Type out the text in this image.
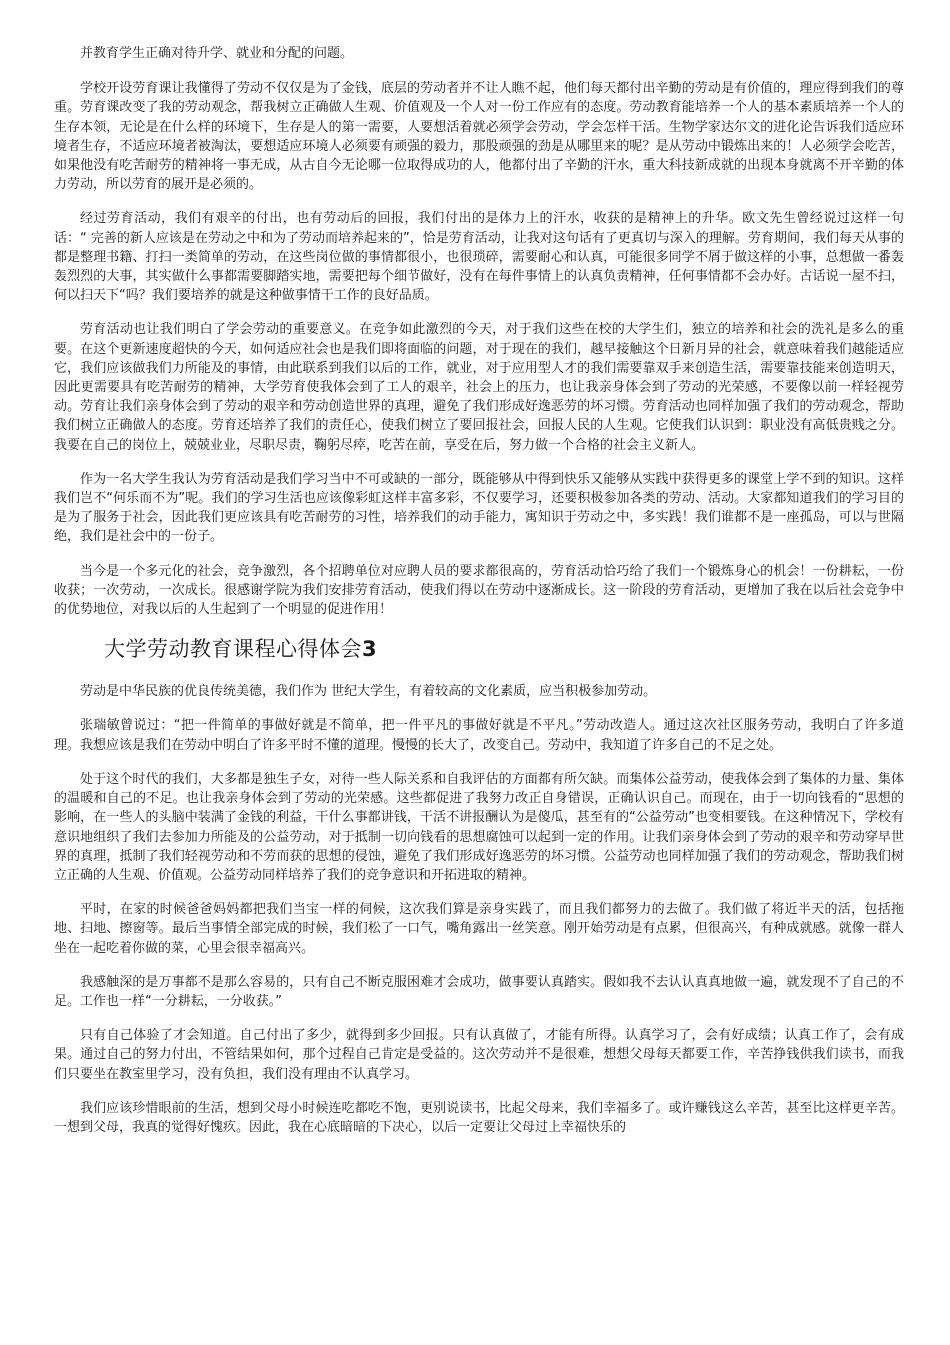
并教育学生正确对待升学、就业和分配的问题。

学校开设劳育课让我懂得了劳动不仅仅是为了金钱，底层的劳动者并不让人瞧不起，他们每天都付出辛勤的劳动是有价值的，理应得到我们的尊重。劳育课改变了我的劳动观念，帮我树立正确做人生观、价值观及一个人对一份工作应有的态度。劳动教育能培养一个人的基本素质培养一个人的生存本领，无论是在什么样的环境下，生存是人的第一需要，人要想活着就必须学会劳动，学会怎样干活。生物学家达尔文的进化论告诉我们适应环境者生存，不适应环境者被淘汰，要想适应环境人必须要有顽强的毅力，那股顽强的劲是从哪里来的呢？是从劳动中锻炼出来的！人必须学会吃苦，如果他没有吃苦耐劳的精神将一事无成，从古自今无论哪一位取得成功的人，他都付出了辛勤的汗水，重大科技新成就的出现本身就离不开辛勤的体力劳动，所以劳育的展开是必须的。

经过劳育活动，我们有艰辛的付出，也有劳动后的回报，我们付出的是体力上的汗水，收获的是精神上的升华。欧文先生曾经说过这样一句话：“ 完善的新人应该是在劳动之中和为了劳动而培养起来的”，恰是劳育活动，让我对这句话有了更真切与深入的理解。劳育期间，我们每天从事的都是整理书籍、打扫一类简单的劳动，在这些岗位做的事情都很小，也很琐碎，需要耐心和认真，可能很多同学不屑于做这样的小事，总想做一番轰轰烈烈的大事，其实做什么事都需要脚踏实地，需要把每个细节做好，没有在每件事情上的认真负责精神，任何事情都不会办好。古话说一屋不扫，何以扫天下“吗？我们要培养的就是这种做事情干工作的良好品质。

劳育活动也让我们明白了学会劳动的重要意义。在竞争如此激烈的今天，对于我们这些在校的大学生们，独立的培养和社会的洗礼是多么的重要。在这个更新速度超快的今天，如何适应社会也是我们即将面临的问题，对于现在的我们，越早接触这个日新月异的社会，就意味着我们越能适应它，我们应该做我们力所能及的事情，由此联系到我们以后的工作，就业，对于应用型人才的我们需要靠双手来创造生活，需要靠技能来创造明天，因此更需要具有吃苦耐劳的精神，大学劳育使我体会到了工人的艰辛，社会上的压力，也让我亲身体会到了劳动的光荣感，不要像以前一样轻视劳动。劳育让我们亲身体会到了劳动的艰辛和劳动创造世界的真理，避免了我们形成好逸恶劳的坏习惯。劳育活动也同样加强了我们的劳动观念，帮助我们树立正确做人的态度。劳育还培养了我们的责任心，使我们树立了要回报社会，回报人民的人生观。它使我们认识到：职业没有高低贵贱之分。我要在自己的岗位上，兢兢业业，尽职尽责，鞠躬尽瘁，吃苦在前，享受在后，努力做一个合格的社会主义新人。

作为一名大学生我认为劳育活动是我们学习当中不可或缺的一部分，既能够从中得到快乐又能够从实践中获得更多的课堂上学不到的知识。这样我们岂不“何乐而不为”呢。我们的学习生活也应该像彩虹这样丰富多彩，不仅要学习，还要积极参加各类的劳动、活动。大家都知道我们的学习目的是为了服务于社会，因此我们更应该具有吃苦耐劳的习性，培养我们的动手能力，寓知识于劳动之中，多实践！我们谁都不是一座孤岛，可以与世隔绝，我们是社会中的一份子。

当今是一个多元化的社会，竞争激烈，各个招聘单位对应聘人员的要求都很高的，劳育活动恰巧给了我们一个锻炼身心的机会！一份耕耘，一份收获；一次劳动，一次成长。很感谢学院为我们安排劳育活动，使我们得以在劳动中逐渐成长。这一阶段的劳育活动，更增加了我在以后社会竞争中的优势地位，对我以后的人生起到了一个明显的促进作用！

大学劳动教育课程心得体会3

劳动是中华民族的优良传统美德，我们作为 世纪大学生，有着较高的文化素质，应当积极参加劳动。

张瑞敏曾说过：“把一件简单的事做好就是不简单，把一件平凡的事做好就是不平凡。”劳动改造人。通过这次社区服务劳动，我明白了许多道理。我想应该是我们在劳动中明白了许多平时不懂的道理。慢慢的长大了，改变自己。劳动中，我知道了许多自己的不足之处。

处于这个时代的我们，大多都是独生子女，对待一些人际关系和自我评估的方面都有所欠缺。而集体公益劳动，使我体会到了集体的力量、集体的温暖和自己的不足。也让我亲身体会到了劳动的光荣感。这些都促进了我努力改正自身错误，正确认识自己。而现在，由于一切向钱看的“思想的影响，在一些人的头脑中装满了金钱的利益，干什么事都讲钱，干活不讲报酬认为是傻瓜，甚至有的“公益劳动”也变相要钱。在这种情况下，学校有意识地组织了我们去参加力所能及的公益劳动，对于抵制一切向钱看的思想腐蚀可以起到一定的作用。让我们亲身体会到了劳动的艰辛和劳动穿早世界的真理，抵制了我们轻视劳动和不劳而获的思想的侵蚀，避免了我们形成好逸恶劳的坏习惯。公益劳动也同样加强了我们的劳动观念，帮助我们树立正确的人生观、价值观。公益劳动同样培养了我们的竞争意识和开拓进取的精神。

平时，在家的时候爸爸妈妈都把我们当宝一样的伺候，这次我们算是亲身实践了，而且我们都努力的去做了。我们做了将近半天的活，包括拖地、扫地、擦窗等。最后当事情全部完成的时候，我们松了一口气，嘴角露出一丝笑意。刚开始劳动是有点累，但很高兴，有种成就感。就像一群人坐在一起吃着你做的菜，心里会很幸福高兴。

我感触深的是万事都不是那么容易的，只有自己不断克服困难才会成功，做事要认真踏实。假如我不去认认真真地做一遍，就发现不了自己的不足。工作也一样“一分耕耘，一分收获。”

只有自己体验了才会知道。自己付出了多少，就得到多少回报。只有认真做了，才能有所得。认真学习了，会有好成绩；认真工作了，会有成果。通过自己的努力付出，不管结果如何，那个过程自己肯定是受益的。这次劳动并不是很难，想想父母每天都要工作，辛苦挣钱供我们读书，而我们只要坐在教室里学习，没有负担，我们没有理由不认真学习。

我们应该珍惜眼前的生活，想到父母小时候连吃都吃不饱，更别说读书，比起父母来，我们幸福多了。或许赚钱这么辛苦，甚至比这样更辛苦。一想到父母，我真的觉得好愧疚。因此，我在心底暗暗的下决心，以后一定要让父母过上幸福快乐的
